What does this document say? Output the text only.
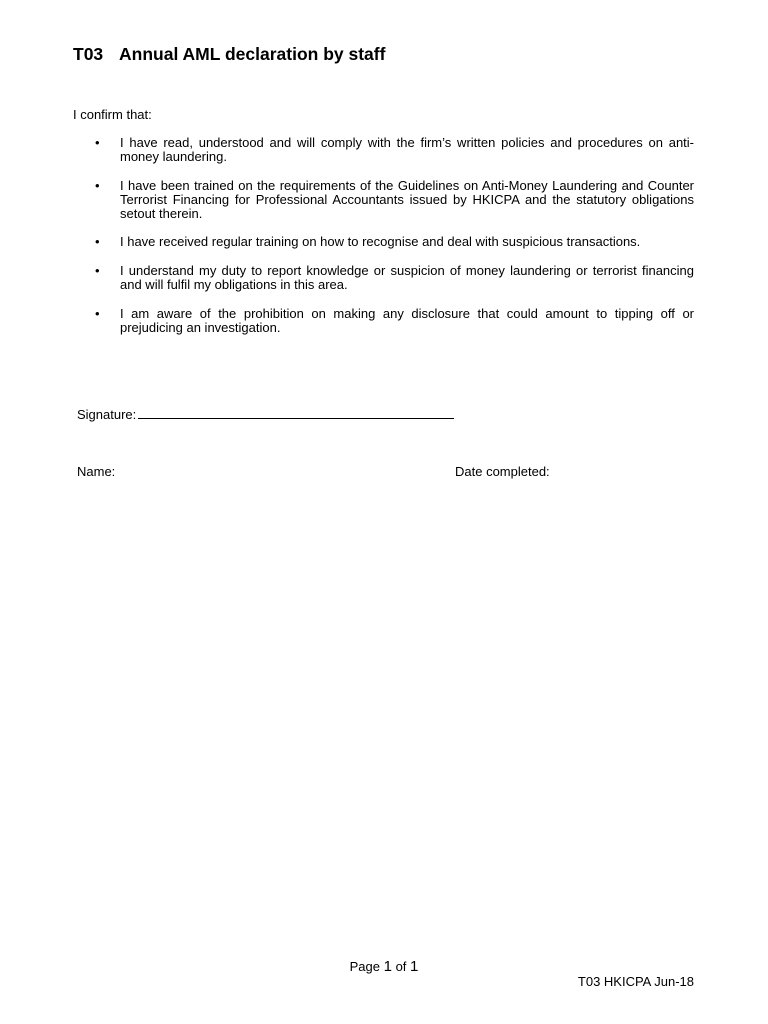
T03 Annual AML declaration by staff
I confirm that:
• I have read, understood and will comply with the firm’s written policies and procedures on anti-money laundering.
• I have been trained on the requirements of the Guidelines on Anti-Money Laundering and Counter Terrorist Financing for Professional Accountants issued by HKICPA and the statutory obligations setout therein.
• I have received regular training on how to recognise and deal with suspicious transactions.
• I understand my duty to report knowledge or suspicion of money laundering or terrorist financing and will fulfil my obligations in this area.
• I am aware of the prohibition on making any disclosure that could amount to tipping off or prejudicing an investigation.
Signature:
Name:	Date completed:
Page 1 of 1
T03 HKICPA Jun-18
